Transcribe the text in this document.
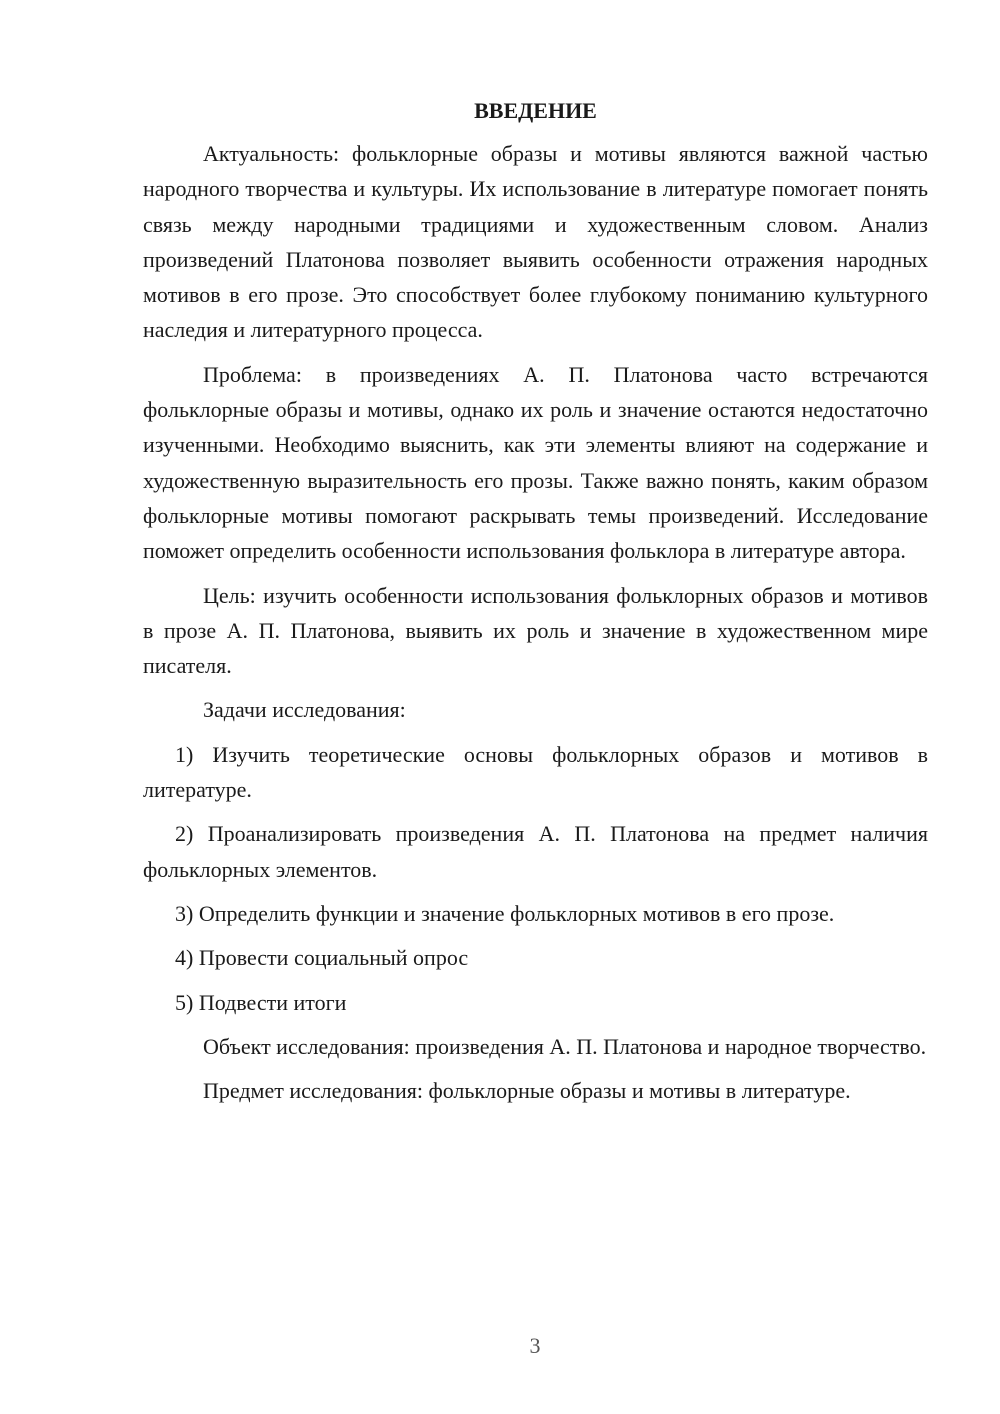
ВВЕДЕНИЕ

Актуальность: фольклорные образы и мотивы являются важной частью народного творчества и культуры. Их использование в литературе помогает понять связь между народными традициями и художественным словом. Анализ произведений Платонова позволяет выявить особенности отражения народных мотивов в его прозе. Это способствует более глубокому пониманию культурного наследия и литературного процесса.

Проблема: в произведениях А. П. Платонова часто встречаются фольклорные образы и мотивы, однако их роль и значение остаются недостаточно изученными. Необходимо выяснить, как эти элементы влияют на содержание и художественную выразительность его прозы. Также важно понять, каким образом фольклорные мотивы помогают раскрывать темы произведений. Исследование поможет определить особенности использования фольклора в литературе автора.

Цель: изучить особенности использования фольклорных образов и мотивов в прозе А. П. Платонова, выявить их роль и значение в художественном мире писателя.

Задачи исследования:

1) Изучить теоретические основы фольклорных образов и мотивов в литературе.

2) Проанализировать произведения А. П. Платонова на предмет наличия фольклорных элементов.

3) Определить функции и значение фольклорных мотивов в его прозе.

4) Провести социальный опрос

5) Подвести итоги

Объект исследования: произведения А. П. Платонова и народное творчество.

Предмет исследования: фольклорные образы и мотивы в литературе.

3
